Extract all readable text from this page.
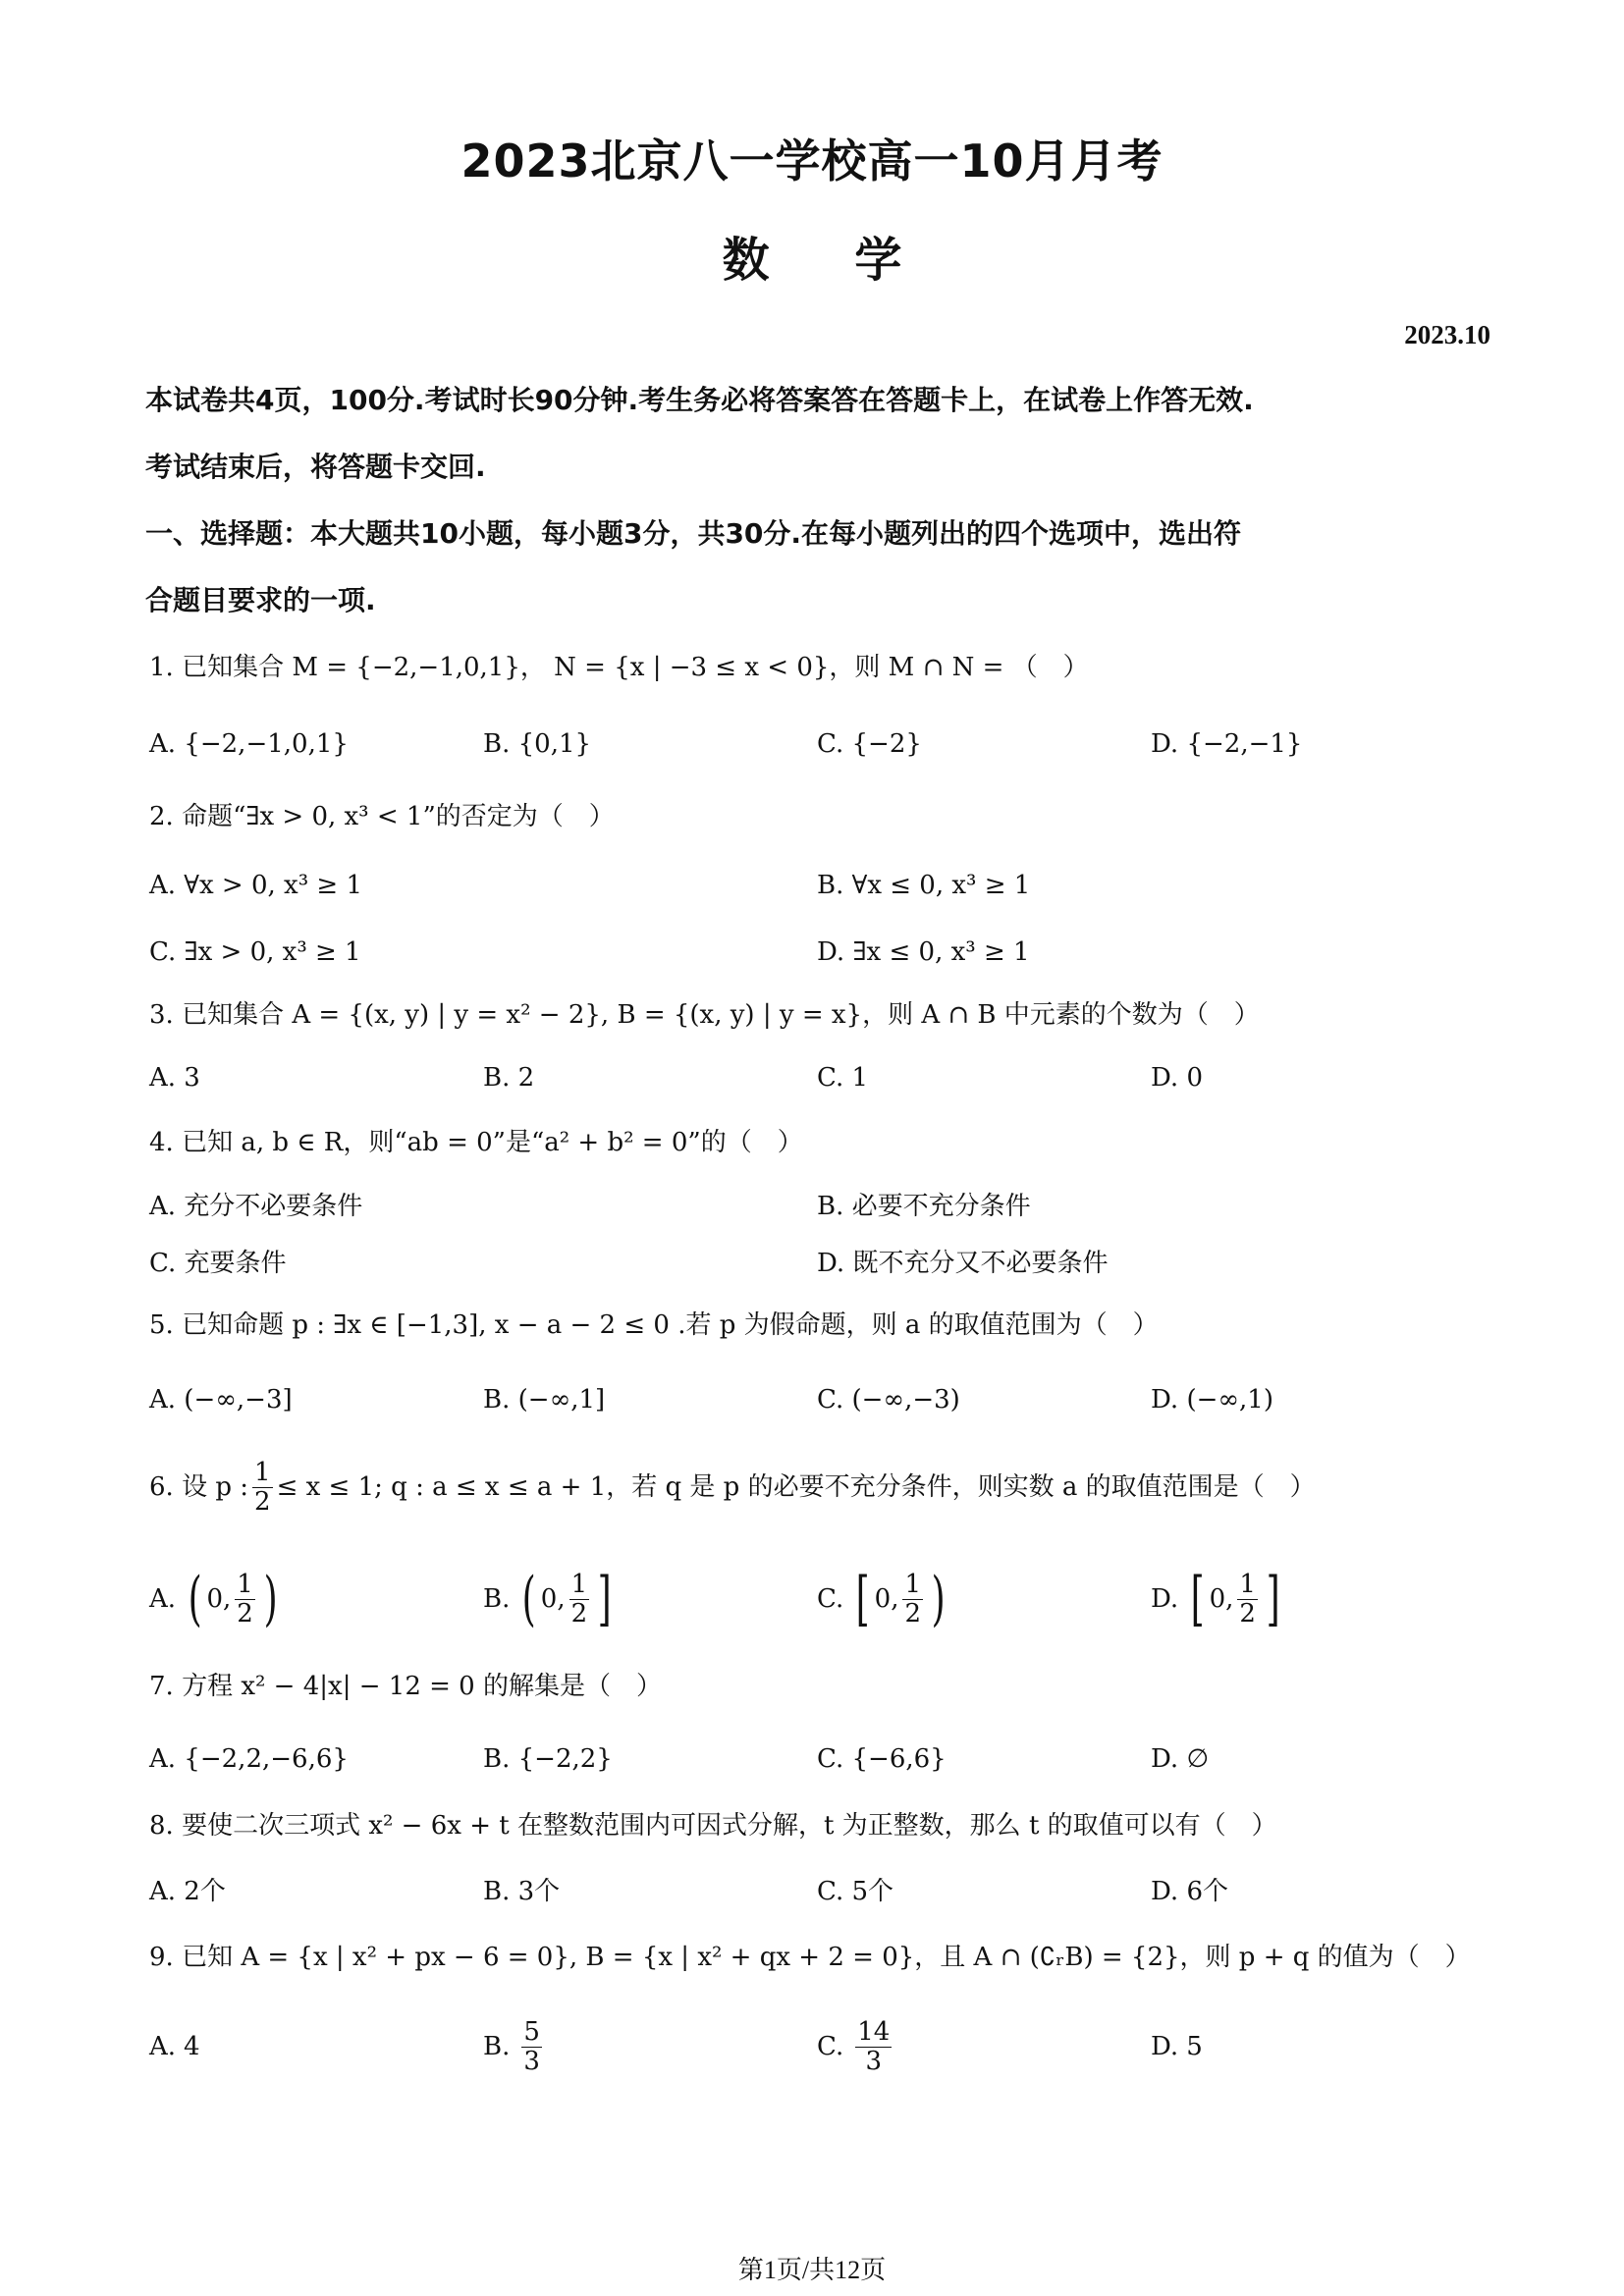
2023北京八一学校高一10月月考
数 学
2023.10
本试卷共4页，100分.考试时长90分钟.考生务必将答案答在答题卡上，在试卷上作答无效.
考试结束后，将答题卡交回.
一、选择题：本大题共10小题，每小题3分，共30分.在每小题列出的四个选项中，选出符
合题目要求的一项.
1. 已知集合 M = {−2,−1,0,1}， N = {x | −3 ≤ x < 0}，则 M ∩ N = （　）
A. {−2,−1,0,1}	B. {0,1}	C. {−2}	D. {−2,−1}
2. 命题“∃x > 0, x³ < 1”的否定为（　）
A. ∀x > 0, x³ ≥ 1	B. ∀x ≤ 0, x³ ≥ 1
C. ∃x > 0, x³ ≥ 1	D. ∃x ≤ 0, x³ ≥ 1
3. 已知集合 A = {(x, y) | y = x² − 2}, B = {(x, y) | y = x}，则 A ∩ B 中元素的个数为（　）
A. 3	B. 2	C. 1	D. 0
4. 已知 a, b ∈ R，则“ab = 0”是“a² + b² = 0”的（　）
A. 充分不必要条件	B. 必要不充分条件
C. 充要条件	D. 既不充分又不必要条件
5. 已知命题 p : ∃x ∈ [−1,3], x − a − 2 ≤ 0 .若 p 为假命题，则 a 的取值范围为（　）
A. (−∞,−3]	B. (−∞,1]	C. (−∞,−3)	D. (−∞,1)
6. 设 p : $\frac{1}{2} \le x \le 1$; q : a ≤ x ≤ a + 1，若 q 是 p 的必要不充分条件，则实数 a 的取值范围是（　）
A. ( 0, $\frac{1}{2}$ )	B. ( 0, $\frac{1}{2}$ ]	C. [ 0, $\frac{1}{2}$ )	D. [ 0, $\frac{1}{2}$ ]
7. 方程 x² − 4|x| − 12 = 0 的解集是（　）
A. {−2,2,−6,6}	B. {−2,2}	C. {−6,6}	D. ∅
8. 要使二次三项式 x² − 6x + t 在整数范围内可因式分解，t 为正整数，那么 t 的取值可以有（　）
A. 2个	B. 3个	C. 5个	D. 6个
9. 已知 A = {x | x² + px − 6 = 0}, B = {x | x² + qx + 2 = 0}，且 A ∩ (∁ᵣB) = {2}，则 p + q 的值为（　）
A. 4	B. $\frac{5}{3}$	C. $\frac{14}{3}$	D. 5
第1页/共12页
